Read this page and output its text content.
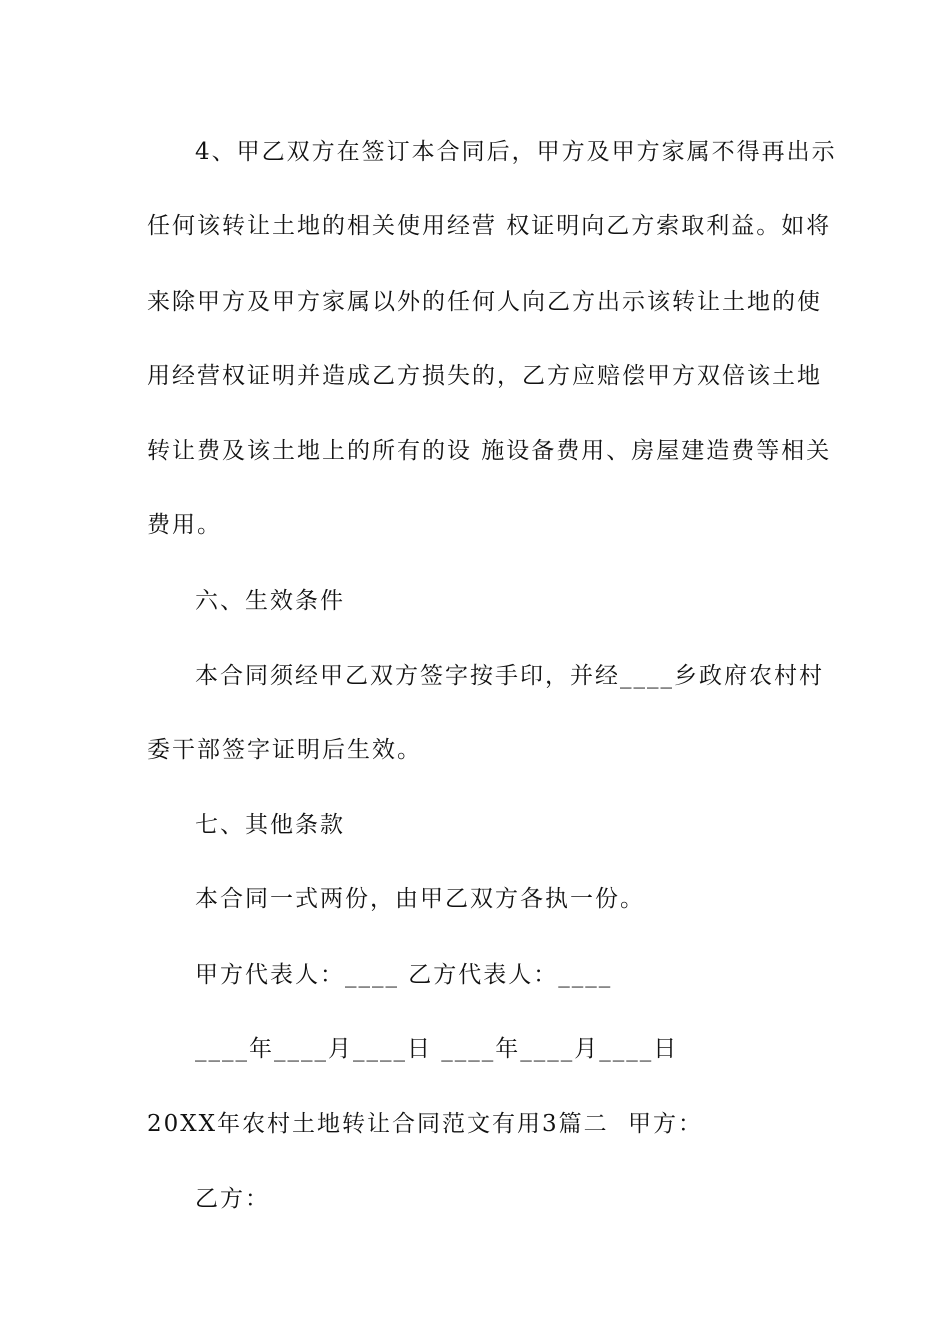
4、甲乙双方在签订本合同后，甲方及甲方家属不得再出示
任何该转让土地的相关使用经营 权证明向乙方索取利益。如将
来除甲方及甲方家属以外的任何人向乙方出示该转让土地的使
用经营权证明并造成乙方损失的，乙方应赔偿甲方双倍该土地
转让费及该土地上的所有的设 施设备费用、房屋建造费等相关
费用。
六、生效条件
本合同须经甲乙双方签字按手印，并经____乡政府农村村
委干部签字证明后生效。
七、其他条款
本合同一式两份，由甲乙双方各执一份。
甲方代表人：____ 乙方代表人：____
____年____月____日 ____年____月____日
20XX年农村土地转让合同范文有用3篇二 甲方：
乙方：
